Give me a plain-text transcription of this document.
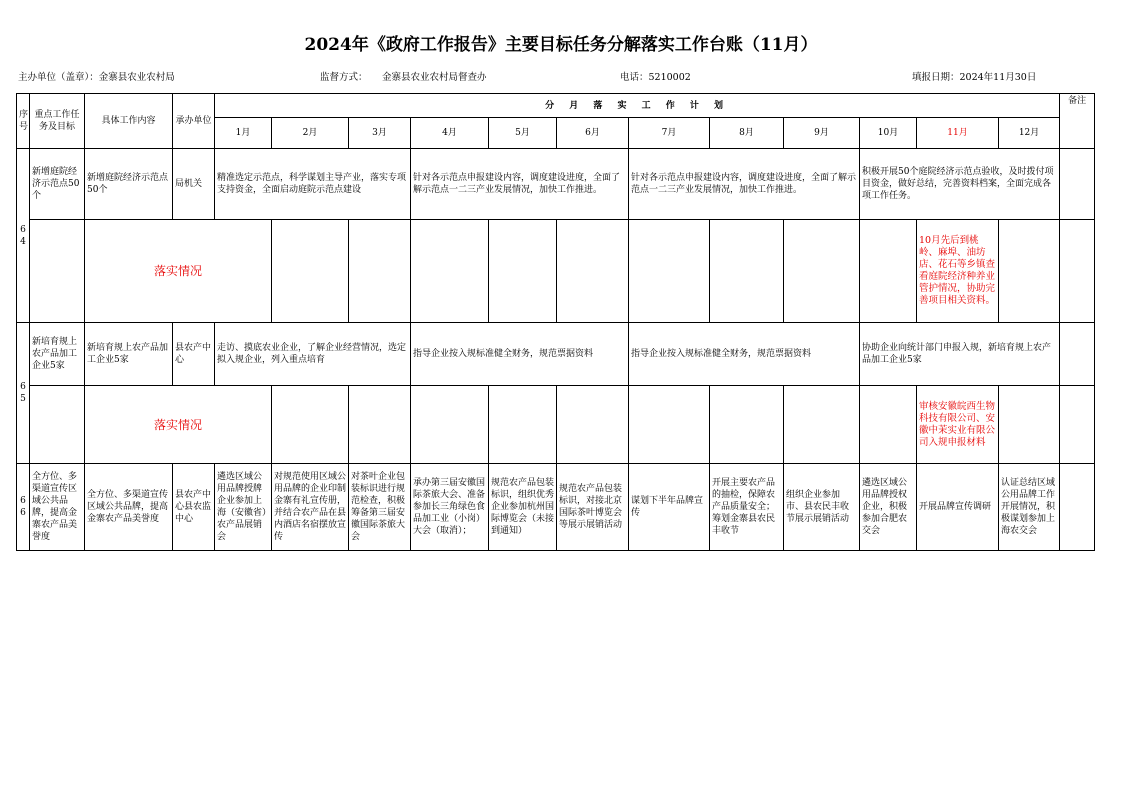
2024年《政府工作报告》主要目标任务分解落实工作台账（11月）
主办单位（盖章）：金寨县农业农村局	监督方式： 金寨县农业农村局督查办	电话：5210002	填报日期：2024年11月30日
序号	重点工作任务及目标	具体工作内容	承办单位	分 月 落 实 工 作 计 划												备注
				1月	2月	3月	4月	5月	6月	7月	8月	9月	10月	11月	12月	
64	新增庭院经济示范点50个	新增庭院经济示范点50个	局机关	精准选定示范点，科学谋划主导产业，落实专项支持资金，全面启动庭院示范点建设			针对各示范点申报建设内容，调度建设进度，全面了解示范点一二三产业发展情况，加快工作推进。			针对各示范点申报建设内容，调度建设进度，全面了解示范点一二三产业发展情况，加快工作推进。			积极开展50个庭院经济示范点验收，及时拨付项目资金，做好总结，完善资料档案，全面完成各项工作任务。			
		落实情况												10月先后到桃岭、麻埠、油坊店、花石等乡镇查看庭院经济种养业管护情况，协助完善项目相关资料。		
65	新培育规上农产品加工企业5家	新培育规上农产品加工企业5家	县农产中心	走访、摸底农业企业，了解企业经营情况，选定拟入规企业，列入重点培育			指导企业按入规标准健全财务，规范票据资料			指导企业按入规标准健全财务，规范票据资料			协助企业向统计部门申报入规，新培育规上农产品加工企业5家			
		落实情况												审核安徽皖西生物科技有限公司、安徽中茉实业有限公司入规申报材料		
66	全方位、多渠道宣传区域公共品牌，提高金寨农产品美誉度	全方位、多渠道宣传区域公共品牌，提高金寨农产品美誉度	县农产中心县农监中心	遴选区域公用品牌授牌企业参加上海（安徽省）农产品展销会	对规范使用区域公用品牌的企业印制金寨有礼宣传册，并结合农产品在县内酒店名宿摆放宣传	对茶叶企业包装标识进行规范检查，积极筹备第三届安徽国际茶旅大会	承办第三届安徽国际茶旅大会、准备参加长三角绿色食品加工业（小岗）大会（取消）；	规范农产品包装标识，组织优秀企业参加杭州国际博览会（未接到通知）	规范农产品包装标识，对接北京国际茶叶博览会等展示展销活动	谋划下半年品牌宣传	开展主要农产品的抽检，保障农产品质量安全；筹划金寨县农民丰收节	组织企业参加市、县农民丰收节展示展销活动	遴选区域公用品牌授权企业，积极参加合肥农交会	开展品牌宣传调研	认证总结区域公用品牌工作开展情况，积极谋划参加上海农交会	
